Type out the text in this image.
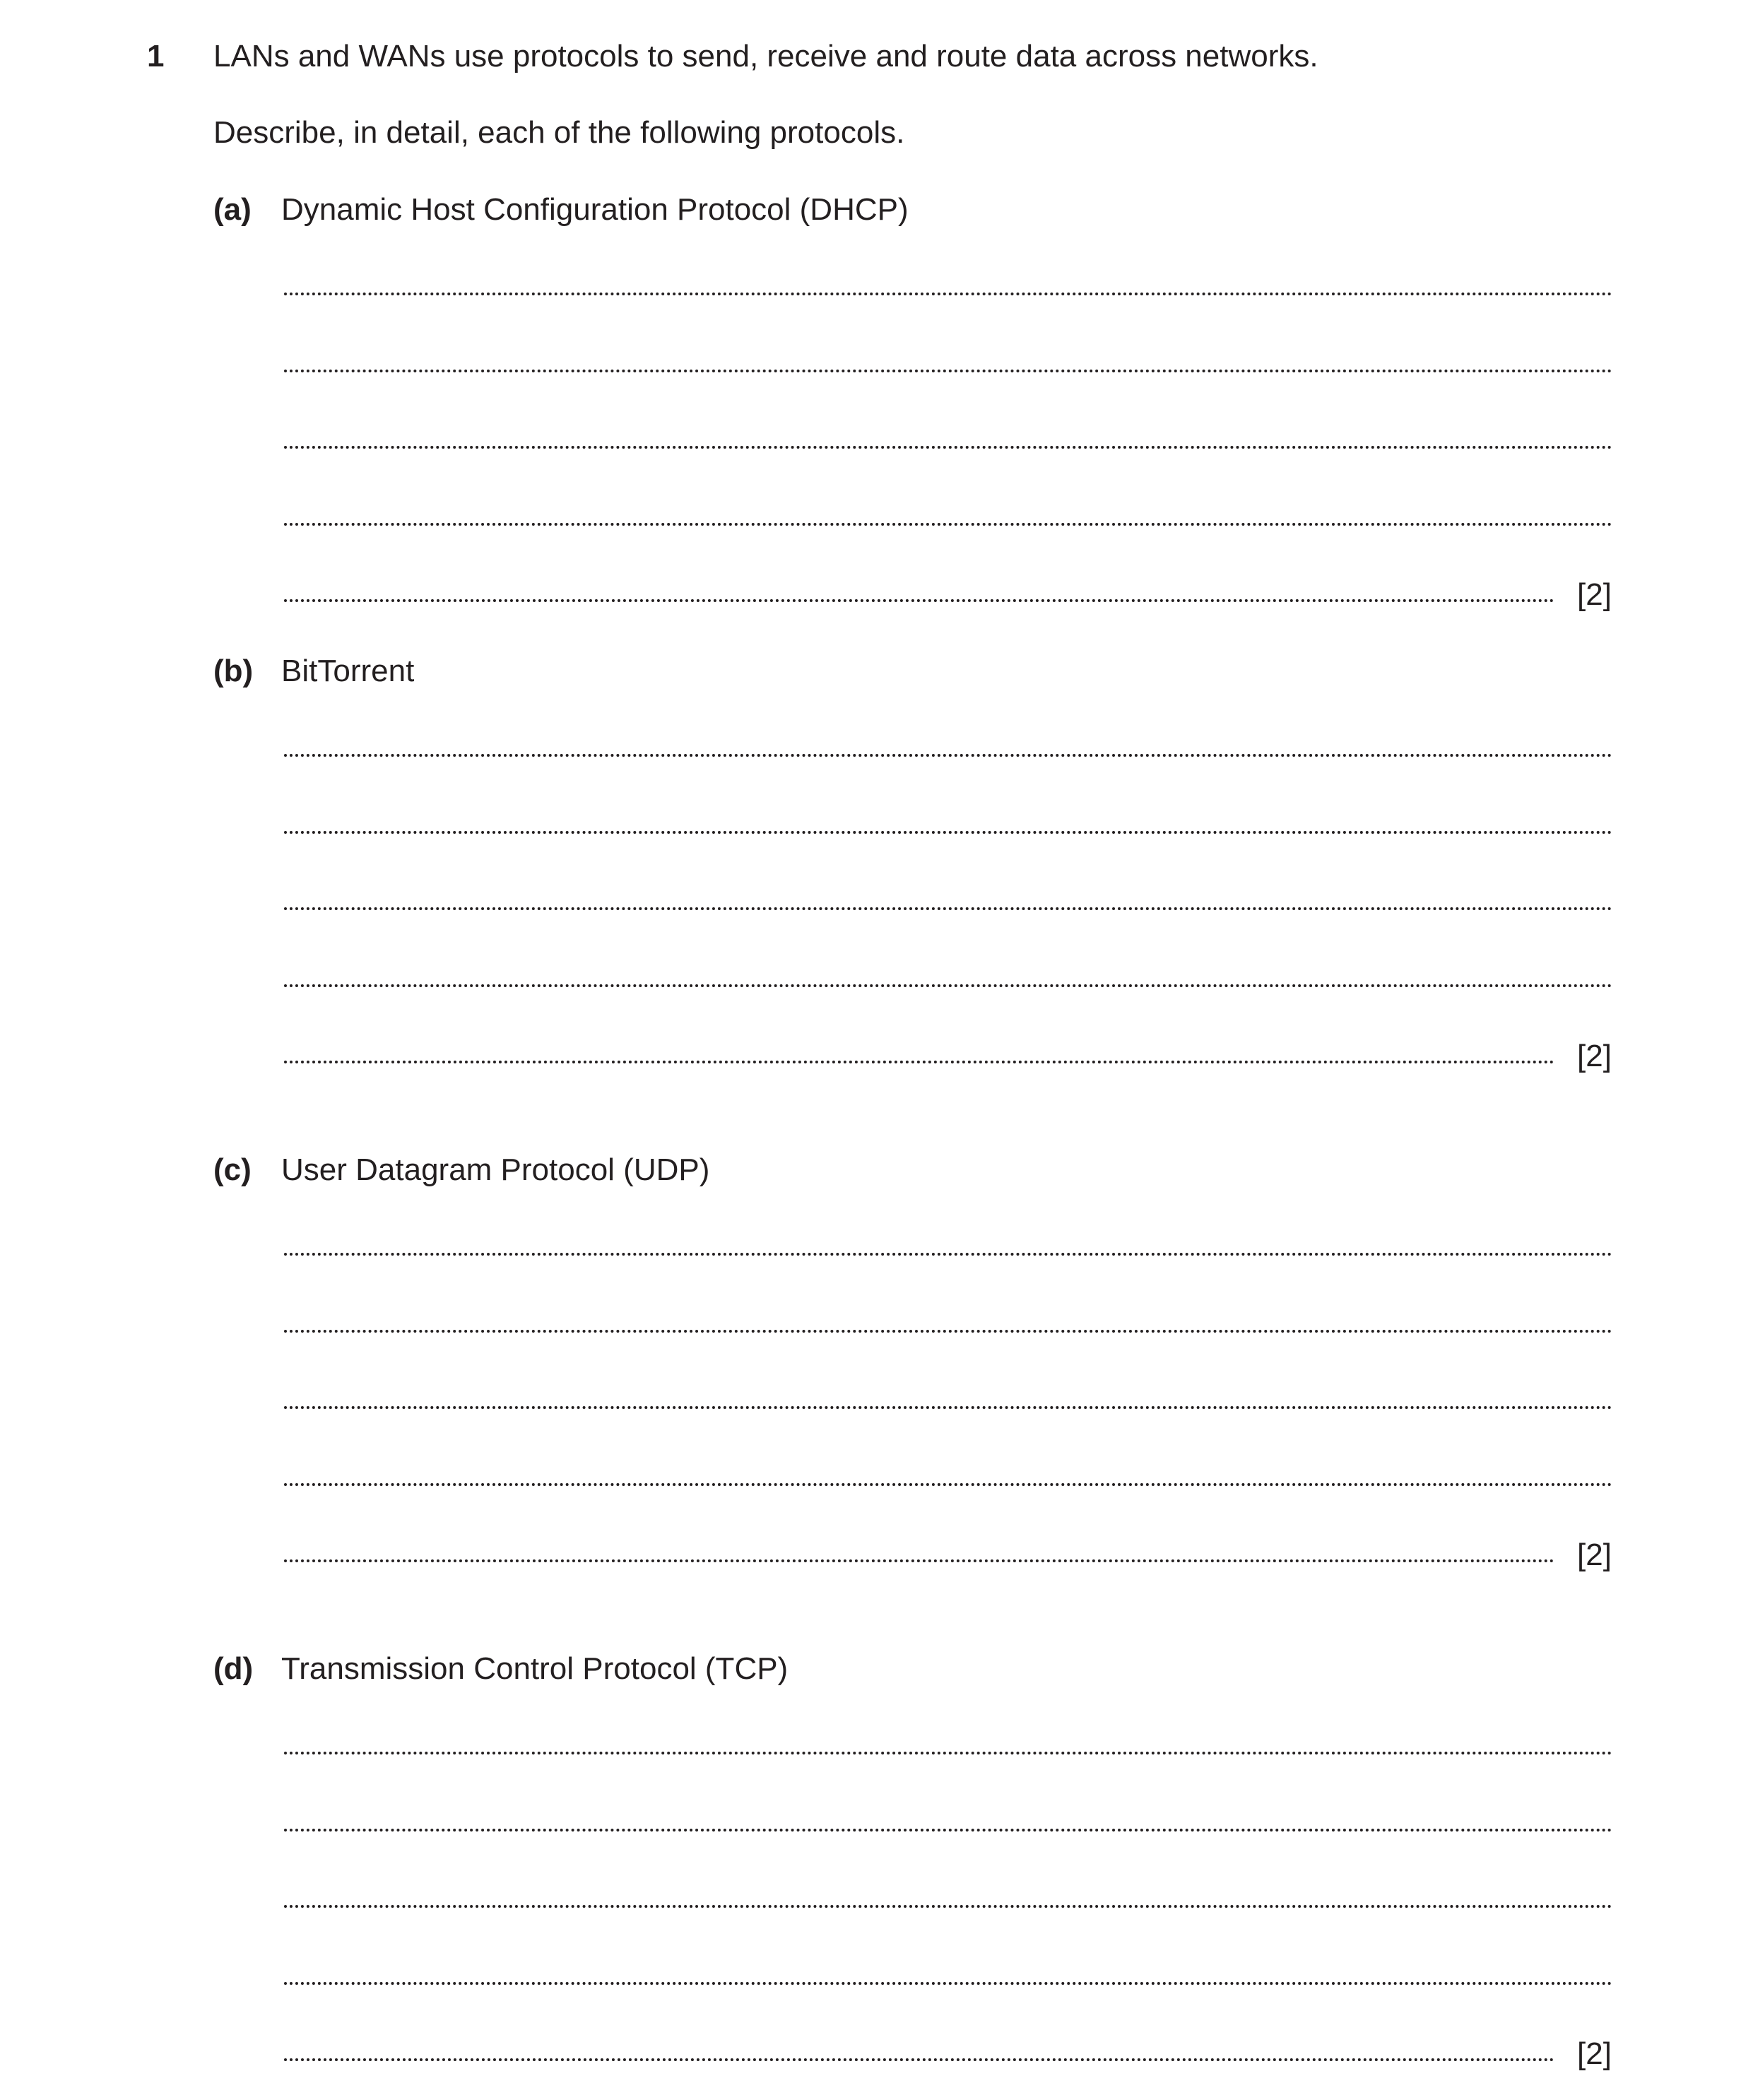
1 LANs and WANs use protocols to send, receive and route data across networks.
Describe, in detail, each of the following protocols.
(a) Dynamic Host Configuration Protocol (DHCP)
[2]
(b) BitTorrent
[2]
(c) User Datagram Protocol (UDP)
[2]
(d) Transmission Control Protocol (TCP)
[2]
